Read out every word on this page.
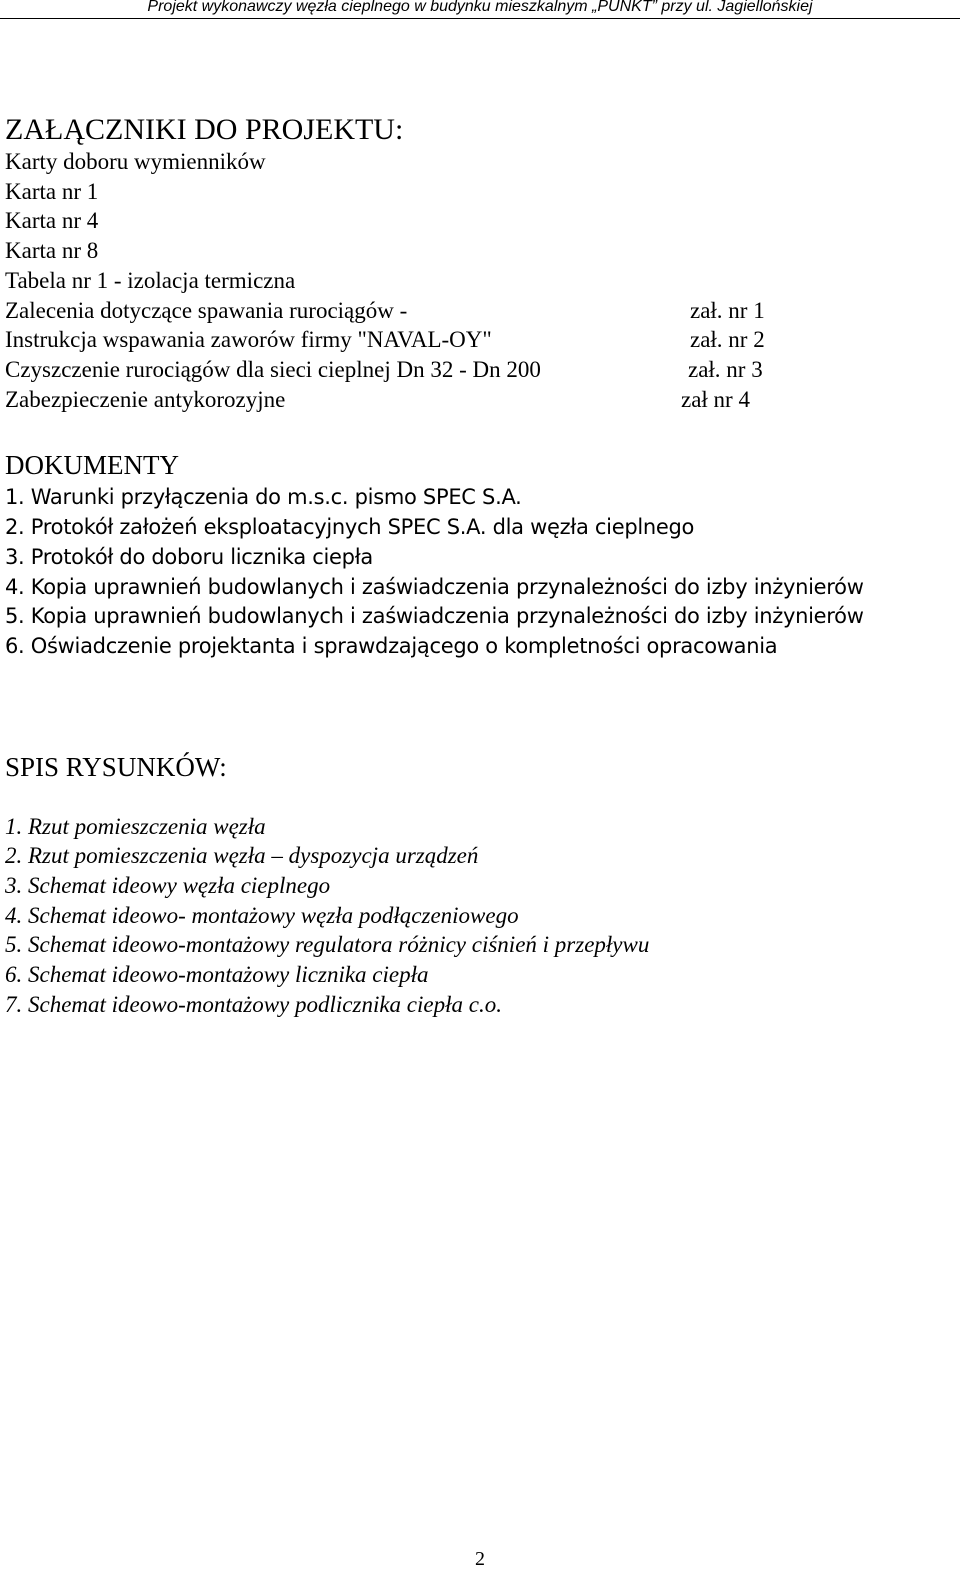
Projekt wykonawczy węzła cieplnego w budynku mieszkalnym „PUNKT” przy ul. Jagiellońskiej
ZAŁĄCZNIKI DO PROJEKTU:
Karty doboru wymienników
Karta nr 1
Karta nr 4
Karta nr 8
Tabela nr 1 - izolacja termiczna
Zalecenia dotyczące spawania rurociągów -	zał. nr 1
Instrukcja wspawania zaworów firmy "NAVAL-OY"	zał. nr 2
Czyszczenie rurociągów dla sieci cieplnej Dn 32 - Dn 200	zał. nr 3
Zabezpieczenie antykorozyjne	zał nr 4
DOKUMENTY
1. Warunki przyłączenia do m.s.c. pismo SPEC S.A.
2. Protokół założeń eksploatacyjnych SPEC S.A. dla węzła cieplnego
3. Protokół do doboru licznika ciepła
4. Kopia uprawnień budowlanych i zaświadczenia przynależności do izby inżynierów
5. Kopia uprawnień budowlanych i zaświadczenia przynależności do izby inżynierów
6. Oświadczenie projektanta i sprawdzającego o kompletności opracowania
SPIS RYSUNKÓW:
1. Rzut pomieszczenia węzła
2. Rzut pomieszczenia węzła – dyspozycja urządzeń
3. Schemat ideowy węzła cieplnego
4. Schemat ideowo- montażowy węzła podłączeniowego
5. Schemat ideowo-montażowy regulatora różnicy ciśnień i przepływu
6. Schemat ideowo-montażowy licznika ciepła
7. Schemat ideowo-montażowy podlicznika ciepła c.o.
2
